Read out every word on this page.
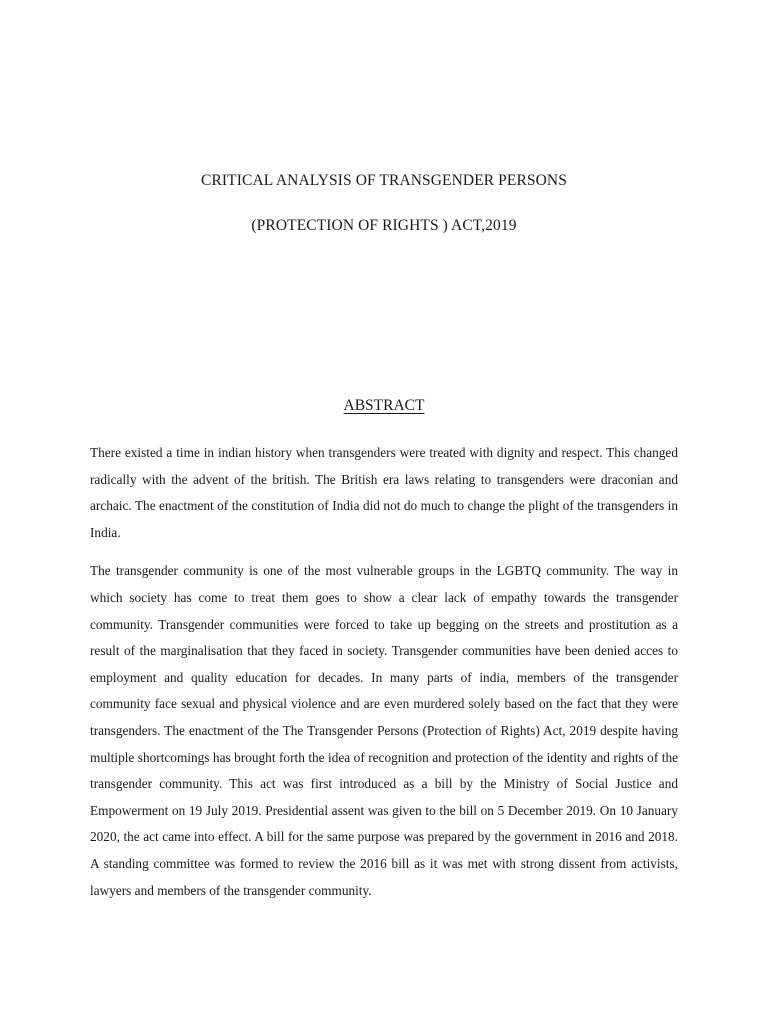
CRITICAL ANALYSIS OF TRANSGENDER PERSONS

(PROTECTION OF RIGHTS ) ACT,2019

ABSTRACT

There existed a time in indian history when transgenders were treated with dignity and respect. This changed radically with the advent of the british. The British era laws relating to transgenders were draconian and archaic. The enactment of the constitution of India did not do much to change the plight of the transgenders in India.

The transgender community is one of the most vulnerable groups in the LGBTQ community. The way in which society has come to treat them goes to show a clear lack of empathy towards the transgender community. Transgender communities were forced to take up begging on the streets and prostitution as a result of the marginalisation that they faced in society. Transgender communities have been denied acces to employment and quality education for decades. In many parts of india, members of the transgender community face sexual and physical violence and are even murdered solely based on the fact that they were transgenders. The enactment of the The Transgender Persons (Protection of Rights) Act, 2019 despite having multiple shortcomings has brought forth the idea of recognition and protection of the identity and rights of the transgender community. This act was first introduced as a bill by the Ministry of Social Justice and Empowerment on 19 July 2019. Presidential assent was given to the bill on 5 December 2019. On 10 January 2020, the act came into effect. A bill for the same purpose was prepared by the government in 2016 and 2018. A standing committee was formed to review the 2016 bill as it was met with strong dissent from activists, lawyers and members of the transgender community.
